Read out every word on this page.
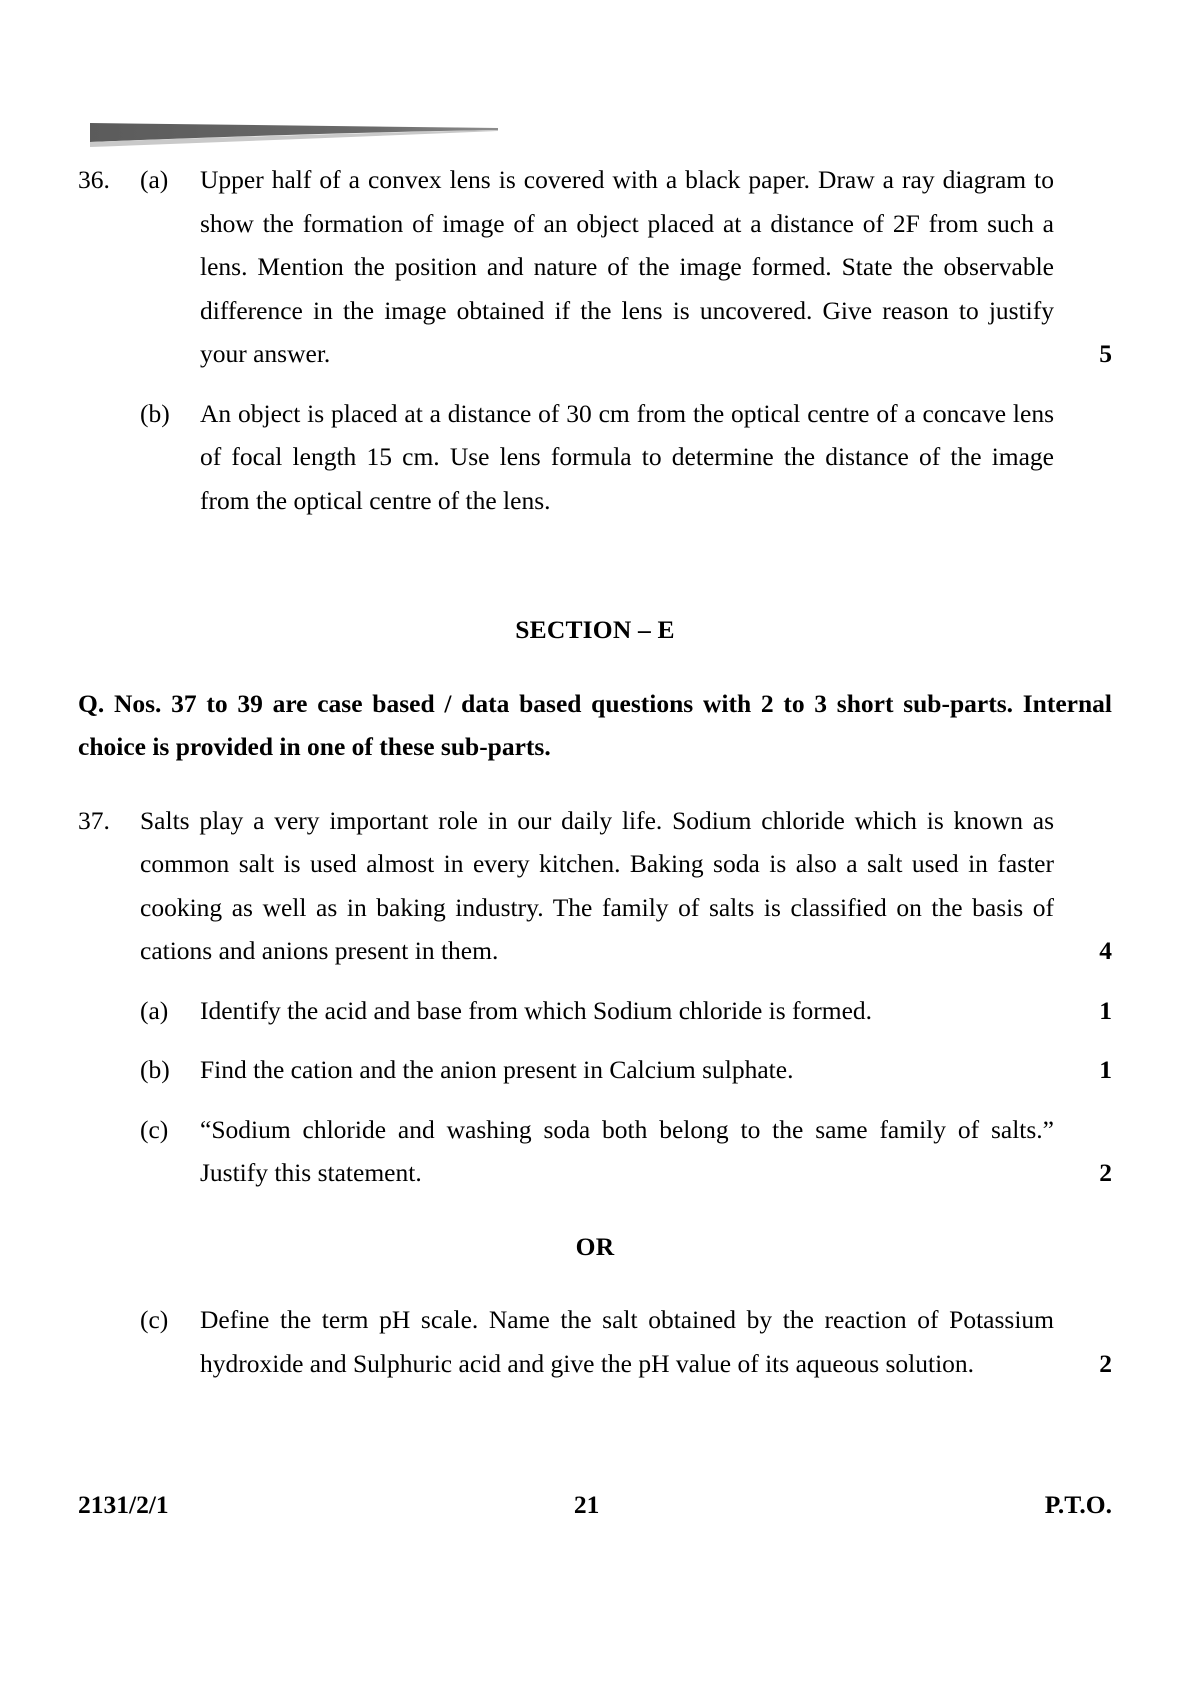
36.	(a)	Upper half of a convex lens is covered with a black paper. Draw a ray diagram to show the formation of image of an object placed at a distance of 2F from such a lens. Mention the position and nature of the image formed. State the observable difference in the image obtained if the lens is uncovered. Give reason to justify your answer.	5
(b)	An object is placed at a distance of 30 cm from the optical centre of a concave lens of focal length 15 cm. Use lens formula to determine the distance of the image from the optical centre of the lens.
SECTION – E
Q. Nos. 37 to 39 are case based / data based questions with 2 to 3 short sub-parts. Internal choice is provided in one of these sub-parts.
37.	Salts play a very important role in our daily life. Sodium chloride which is known as common salt is used almost in every kitchen. Baking soda is also a salt used in faster cooking as well as in baking industry. The family of salts is classified on the basis of cations and anions present in them.	4
(a)	Identify the acid and base from which Sodium chloride is formed.	1
(b)	Find the cation and the anion present in Calcium sulphate.	1
(c)	“Sodium chloride and washing soda both belong to the same family of salts.” Justify this statement.	2
OR
(c)	Define the term pH scale. Name the salt obtained by the reaction of Potassium hydroxide and Sulphuric acid and give the pH value of its aqueous solution.	2
2131/2/1	21	P.T.O.
